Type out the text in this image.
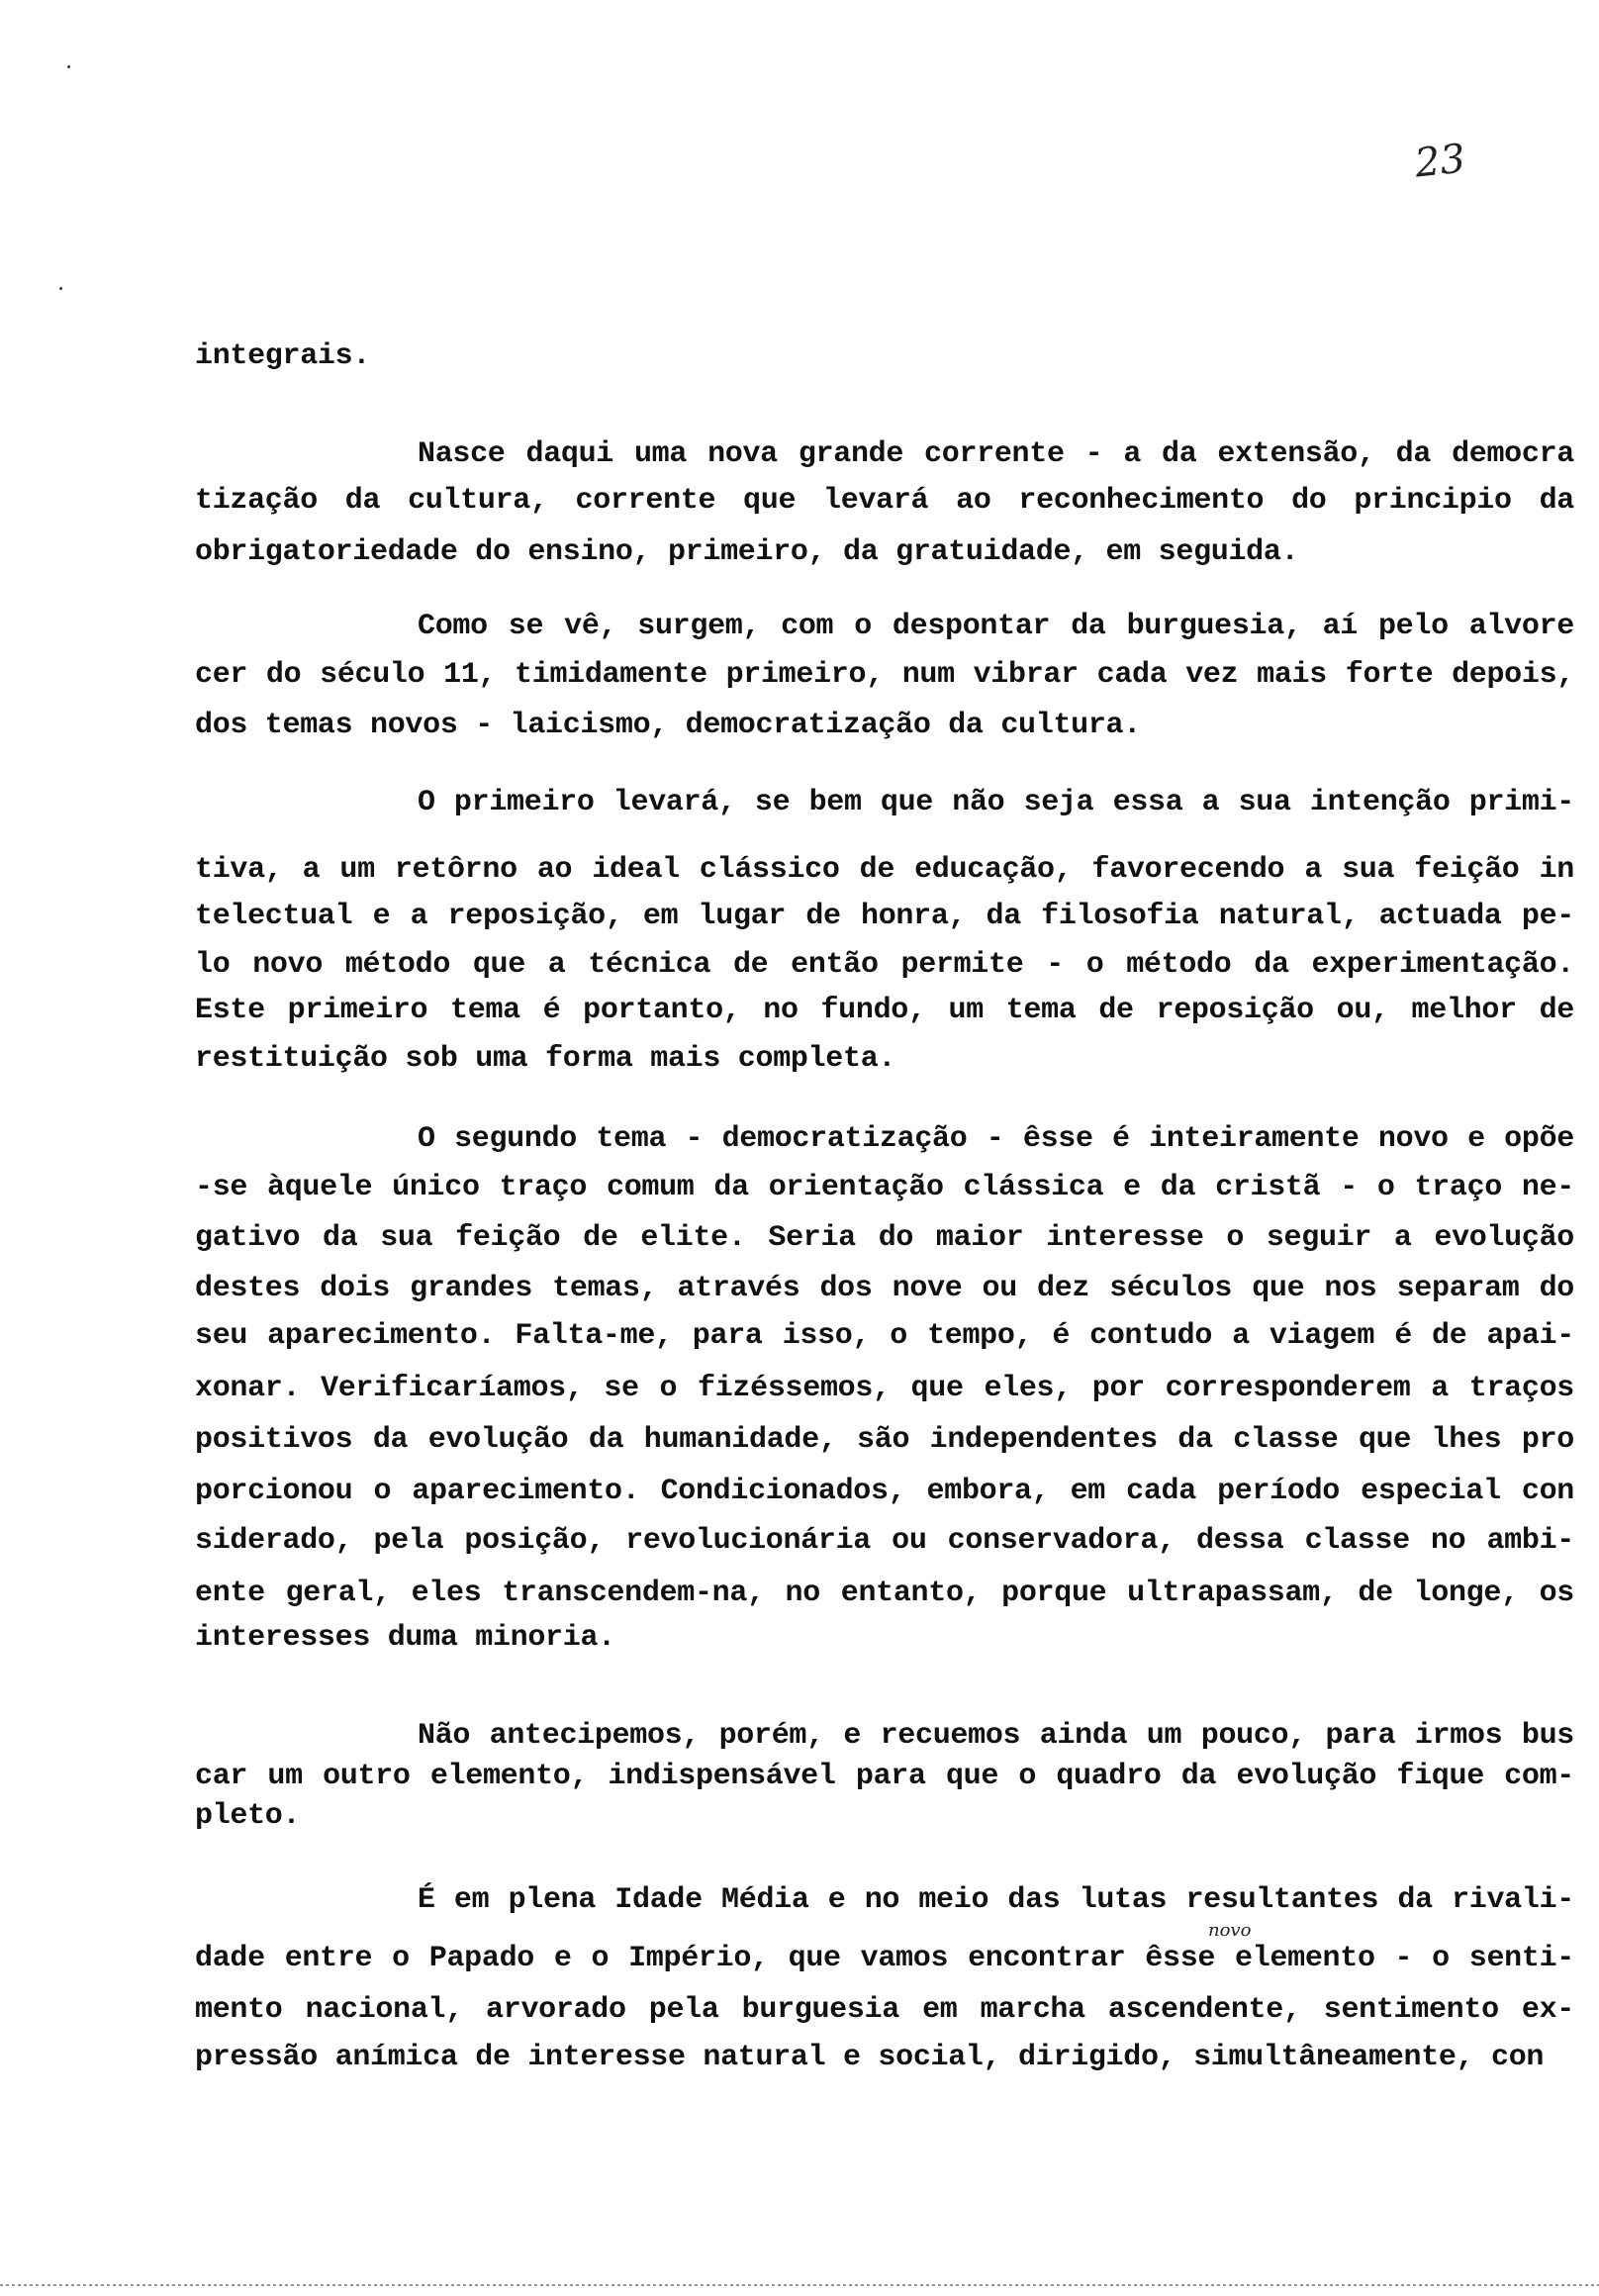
23
novo
integrais.
Nasce daqui uma nova grande corrente - a da extensão, da democra
tização da cultura, corrente que levará ao reconhecimento do principio da
obrigatoriedade do ensino, primeiro, da gratuidade, em seguida.
Como se vê, surgem, com o despontar da burguesia, aí pelo alvore
cer do século 11, timidamente primeiro, num vibrar cada vez mais forte depois,
dos temas novos - laicismo, democratização da cultura.
O primeiro levará, se bem que não seja essa a sua intenção primi-
tiva, a um retôrno ao ideal clássico de educação, favorecendo a sua feição in
telectual e a reposição, em lugar de honra, da filosofia natural, actuada pe-
lo novo método que a técnica de então permite - o método da experimentação.
Este primeiro tema é portanto, no fundo, um tema de reposição ou, melhor de
restituição sob uma forma mais completa.
O segundo tema - democratização - êsse é inteiramente novo e opõe
-se àquele único traço comum da orientação clássica e da cristã - o traço ne-
gativo da sua feição de elite. Seria do maior interesse o seguir a evolução
destes dois grandes temas, através dos nove ou dez séculos que nos separam do
seu aparecimento. Falta-me, para isso, o tempo, é contudo a viagem é de apai-
xonar. Verificaríamos, se o fizéssemos, que eles, por corresponderem a traços
positivos da evolução da humanidade, são independentes da classe que lhes pro
porcionou o aparecimento. Condicionados, embora, em cada período especial con
siderado, pela posição, revolucionária ou conservadora, dessa classe no ambi-
ente geral, eles transcendem-na, no entanto, porque ultrapassam, de longe, os
interesses duma minoria.
Não antecipemos, porém, e recuemos ainda um pouco, para irmos bus
car um outro elemento, indispensável para que o quadro da evolução fique com-
pleto.
É em plena Idade Média e no meio das lutas resultantes da rivali-
dade entre o Papado e o Império, que vamos encontrar êsse elemento - o senti-
mento nacional, arvorado pela burguesia em marcha ascendente, sentimento ex-
pressão anímica de interesse natural e social, dirigido, simultâneamente, con
